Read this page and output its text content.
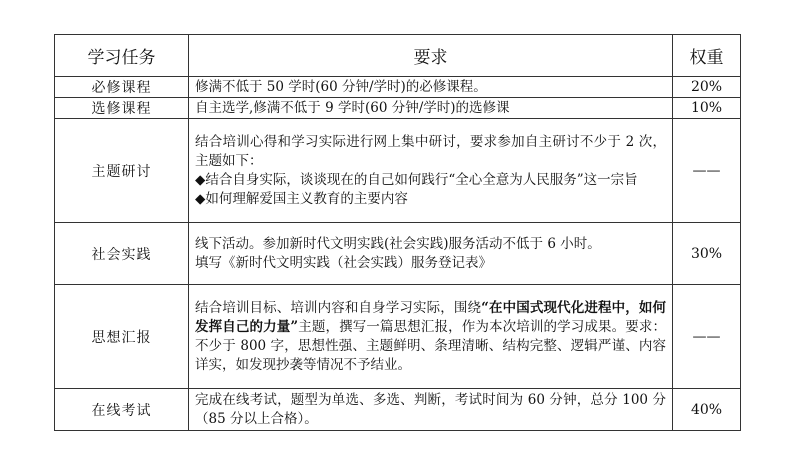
学习任务	要求	权重
必修课程	修满不低于 50 学时(60 分钟/学时)的必修课程。	20%
选修课程	自主选学,修满不低于 9 学时(60 分钟/学时)的选修课	10%
主题研讨	结合培训心得和学习实际进行网上集中研讨，要求参加自主研讨不少于 2 次，主题如下：

◆结合自身实际，谈谈现在的自己如何践行“全心全意为人民服务”这一宗旨

◆如何理解爱国主义教育的主要内容	——
社会实践	线下活动。参加新时代文明实践(社会实践)服务活动不低于 6 小时。

填写《新时代文明实践（社会实践）服务登记表》	30%
思想汇报	结合培训目标、培训内容和自身学习实际，围绕“在中国式现代化进程中，如何发挥自己的力量”主题，撰写一篇思想汇报，作为本次培训的学习成果。要求：不少于 800 字，思想性强、主题鲜明、条理清晰、结构完整、逻辑严谨、内容详实，如发现抄袭等情况不予结业。	——
在线考试	完成在线考试，题型为单选、多选、判断，考试时间为 60 分钟，总分 100 分（85 分以上合格）。	40%
